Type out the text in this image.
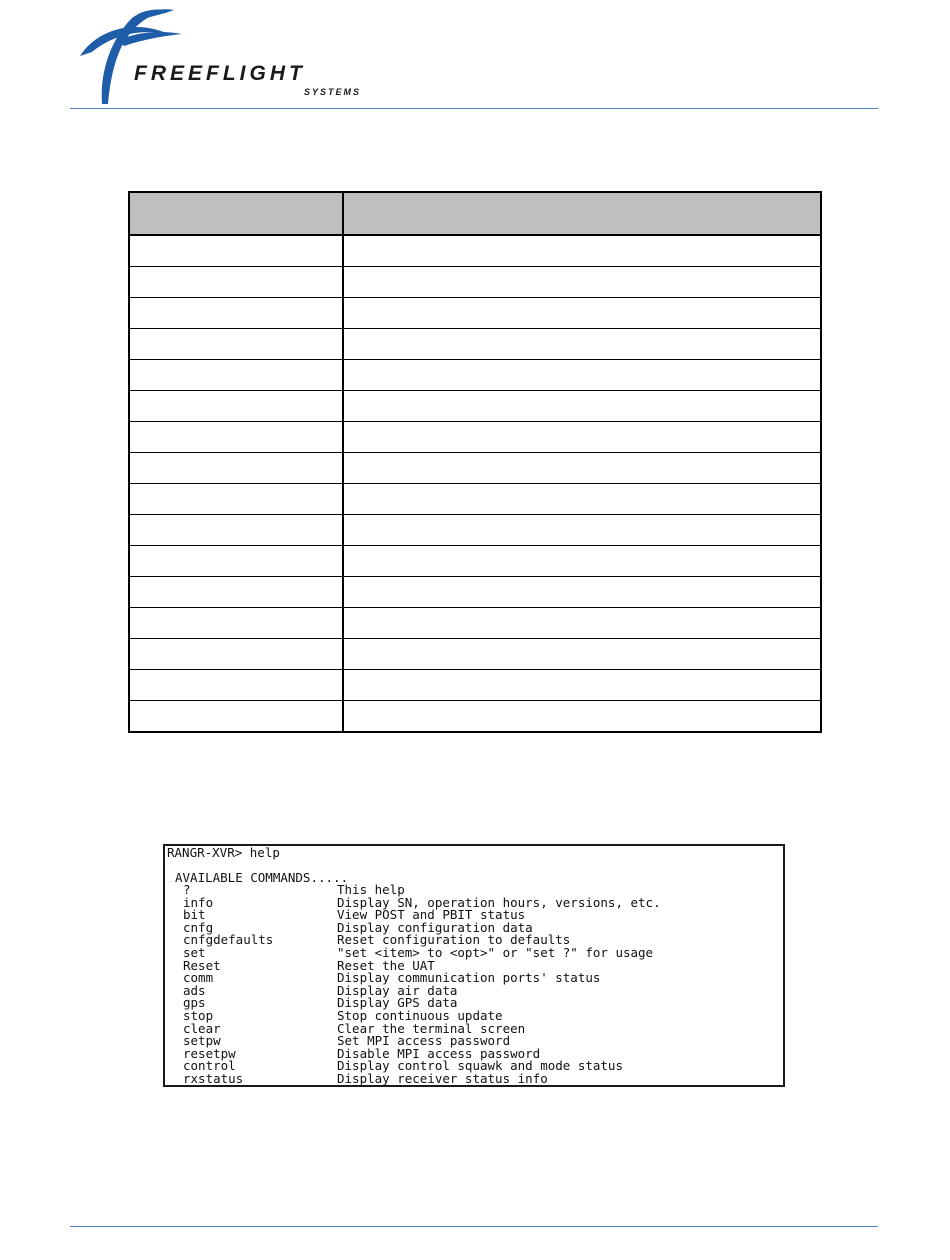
FREEFLIGHT
SYSTEMS

RANGR-XVR> help
AVAILABLE COMMANDS.....
?	This help
info	Display SN, operation hours, versions, etc.
bit	View POST and PBIT status
cnfg	Display configuration data
cnfgdefaults	Reset configuration to defaults
set	"set <item> to <opt>" or "set ?" for usage
Reset	Reset the UAT
comm	Display communication ports' status
ads	Display air data
gps	Display GPS data
stop	Stop continuous update
clear	Clear the terminal screen
setpw	Set MPI access password
resetpw	Disable MPI access password
control	Display control squawk and mode status
rxstatus	Display receiver status info
